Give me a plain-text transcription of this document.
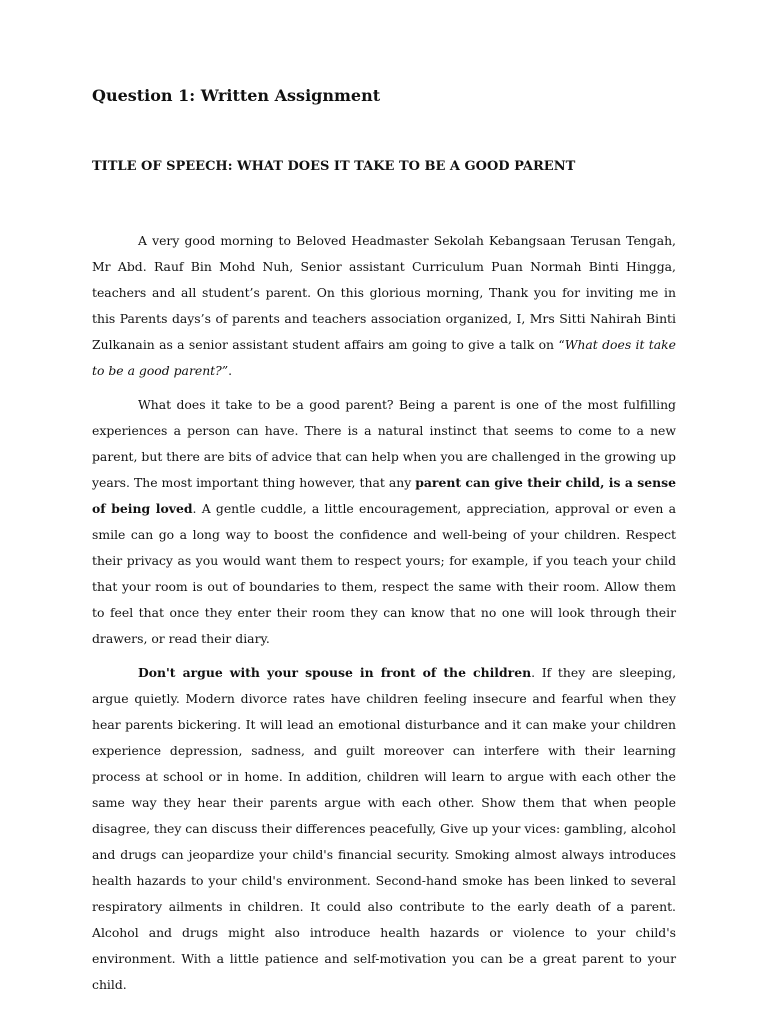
Question 1: Written Assignment
TITLE OF SPEECH: WHAT DOES IT TAKE TO BE A GOOD PARENT

A very good morning to Beloved Headmaster Sekolah Kebangsaan Terusan Tengah, Mr Abd. Rauf Bin Mohd Nuh, Senior assistant Curriculum Puan Normah Binti Hingga, teachers and all student’s parent. On this glorious morning, Thank you for inviting me in this Parents days’s of parents and teachers association organized, I, Mrs Sitti Nahirah Binti Zulkanain as a senior assistant student affairs am going to give a talk on “What does it take to be a good parent?”.

What does it take to be a good parent? Being a parent is one of the most fulfilling experiences a person can have. There is a natural instinct that seems to come to a new parent, but there are bits of advice that can help when you are challenged in the growing up years. The most important thing however, that any parent can give their child, is a sense of being loved. A gentle cuddle, a little encouragement, appreciation, approval or even a smile can go a long way to boost the confidence and well-being of your children. Respect their privacy as you would want them to respect yours; for example, if you teach your child that your room is out of boundaries to them, respect the same with their room. Allow them to feel that once they enter their room they can know that no one will look through their drawers, or read their diary.

Don't argue with your spouse in front of the children. If they are sleeping, argue quietly. Modern divorce rates have children feeling insecure and fearful when they hear parents bickering. It will lead an emotional disturbance and it can make your children experience depression, sadness, and guilt moreover can interfere with their learning process at school or in home. In addition, children will learn to argue with each other the same way they hear their parents argue with each other. Show them that when people disagree, they can discuss their differences peacefully, Give up your vices: gambling, alcohol and drugs can jeopardize your child's financial security. Smoking almost always introduces health hazards to your child's environment. Second-hand smoke has been linked to several respiratory ailments in children. It could also contribute to the early death of a parent. Alcohol and drugs might also introduce health hazards or violence to your child's environment. With a little patience and self-motivation you can be a great parent to your child.
